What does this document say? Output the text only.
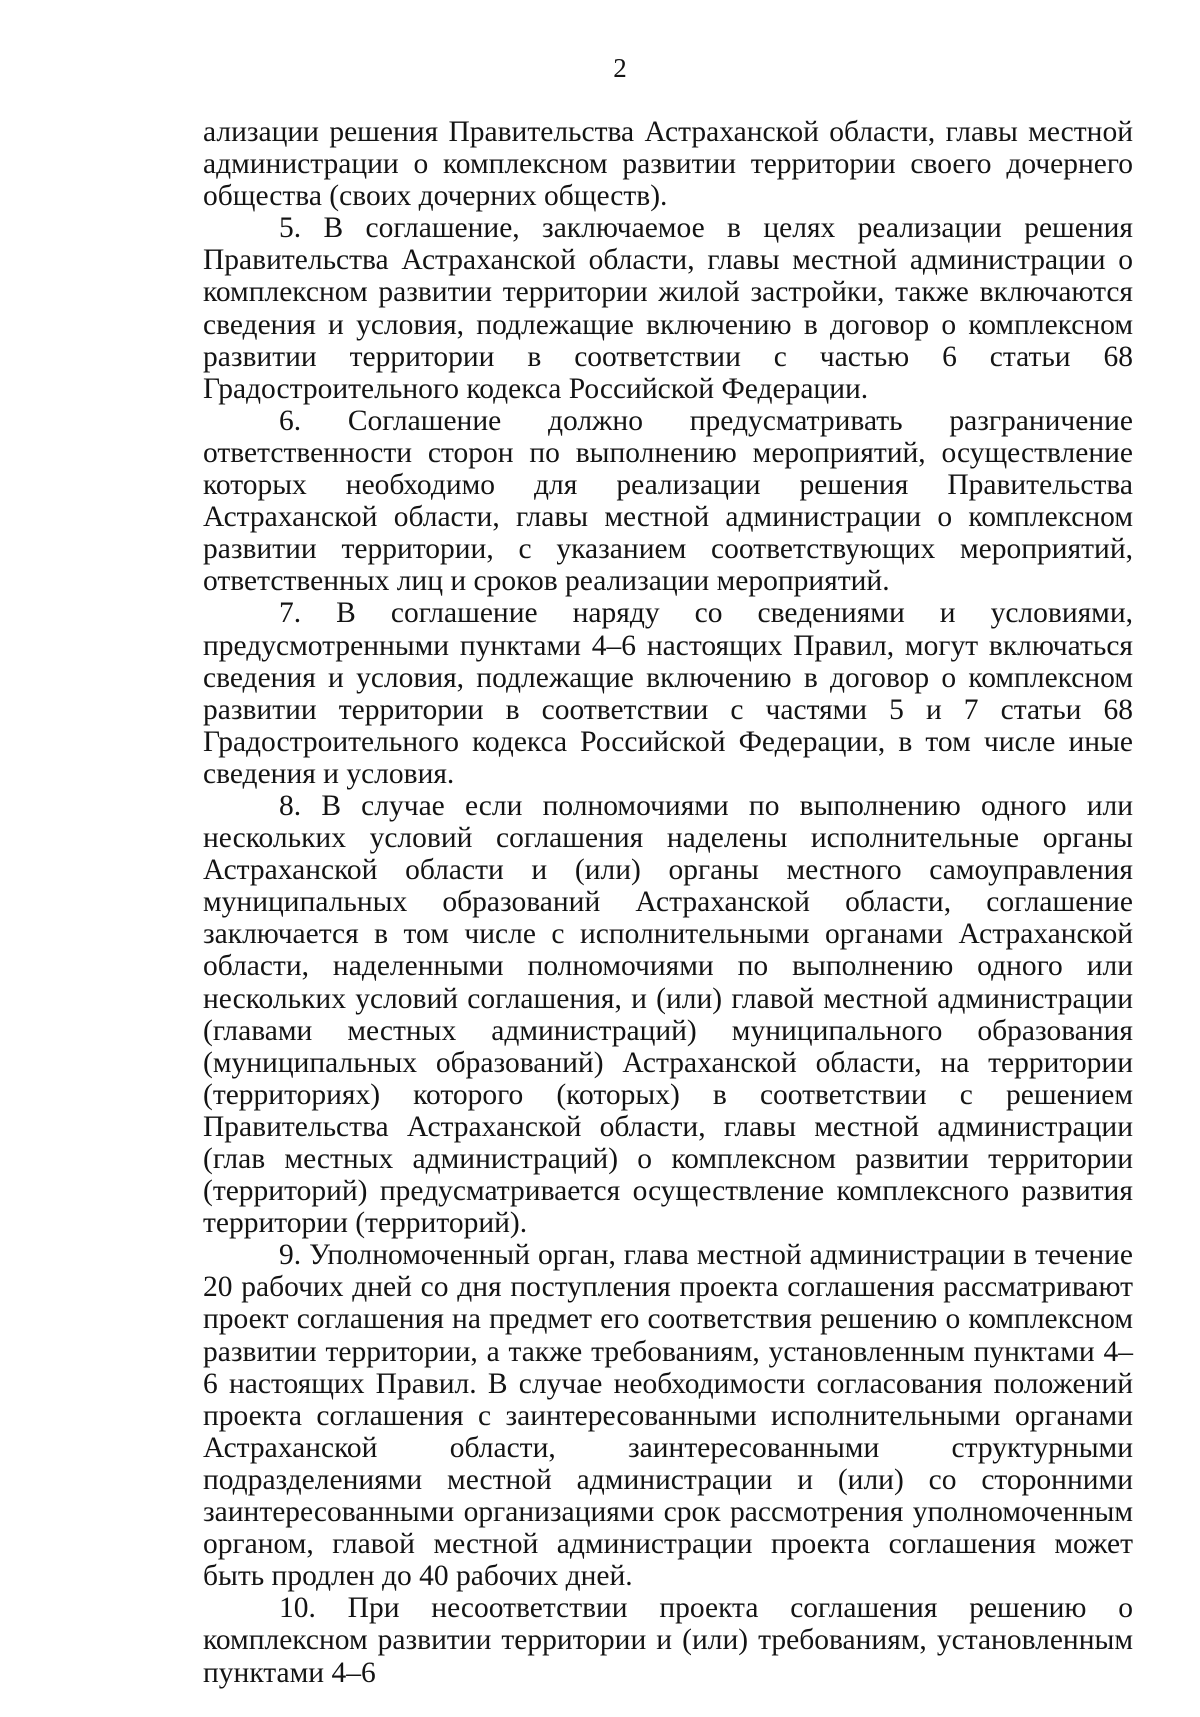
2

ализации решения Правительства Астраханской области, главы местной администрации о комплексном развитии территории своего дочернего общества (своих дочерних обществ).

5. В соглашение, заключаемое в целях реализации решения Правительства Астраханской области, главы местной администрации о комплексном развитии территории жилой застройки, также включаются сведения и условия, подлежащие включению в договор о комплексном развитии территории в соответствии с частью 6 статьи 68 Градостроительного кодекса Российской Федерации.

6. Соглашение должно предусматривать разграничение ответственности сторон по выполнению мероприятий, осуществление которых необходимо для реализации решения Правительства Астраханской области, главы местной администрации о комплексном развитии территории, с указанием соответствующих мероприятий, ответственных лиц и сроков реализации мероприятий.

7. В соглашение наряду со сведениями и условиями, предусмотренными пунктами 4–6 настоящих Правил, могут включаться сведения и условия, подлежащие включению в договор о комплексном развитии территории в соответствии с частями 5 и 7 статьи 68 Градостроительного кодекса Российской Федерации, в том числе иные сведения и условия.

8. В случае если полномочиями по выполнению одного или нескольких условий соглашения наделены исполнительные органы Астраханской области и (или) органы местного самоуправления муниципальных образований Астраханской области, соглашение заключается в том числе с исполнительными органами Астраханской области, наделенными полномочиями по выполнению одного или нескольких условий соглашения, и (или) главой местной администрации (главами местных администраций) муниципального образования (муниципальных образований) Астраханской области, на территории (территориях) которого (которых) в соответствии с решением Правительства Астраханской области, главы местной администрации (глав местных администраций) о комплексном развитии территории (территорий) предусматривается осуществление комплексного развития территории (территорий).

9. Уполномоченный орган, глава местной администрации в течение 20 рабочих дней со дня поступления проекта соглашения рассматривают проект соглашения на предмет его соответствия решению о комплексном развитии территории, а также требованиям, установленным пунктами 4–6 настоящих Правил. В случае необходимости согласования положений проекта соглашения с заинтересованными исполнительными органами Астраханской области, заинтересованными структурными подразделениями местной администрации и (или) со сторонними заинтересованными организациями срок рассмотрения уполномоченным органом, главой местной администрации проекта соглашения может быть продлен до 40 рабочих дней.

10. При несоответствии проекта соглашения решению о комплексном развитии территории и (или) требованиям, установленным пунктами 4–6
